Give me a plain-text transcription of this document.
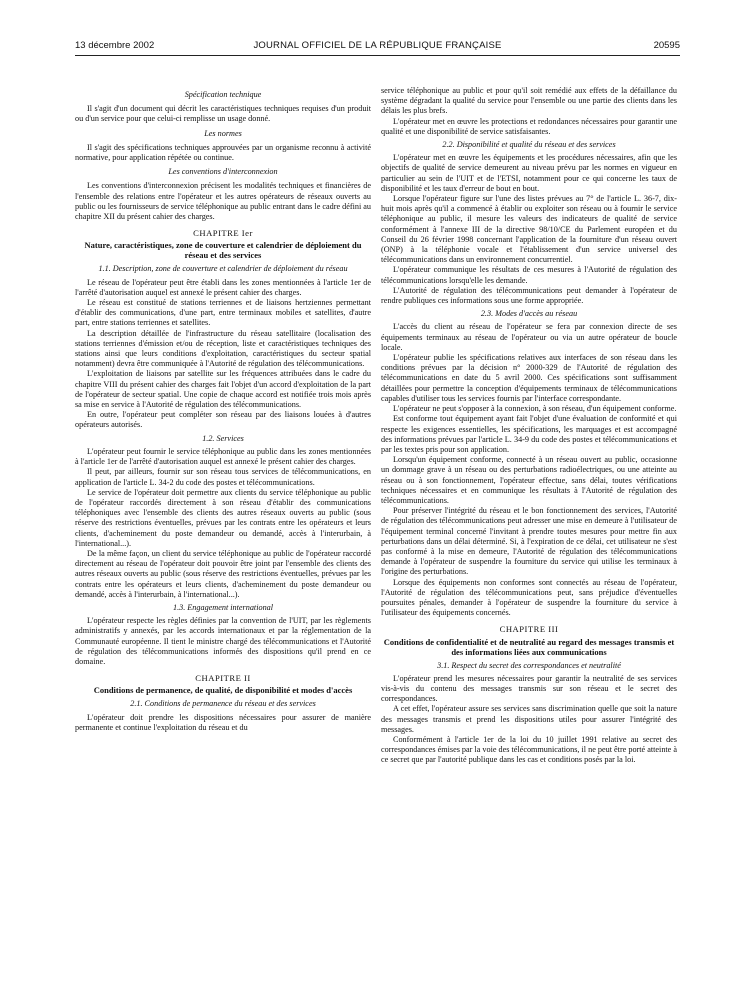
13 décembre 2002	JOURNAL OFFICIEL DE LA RÉPUBLIQUE FRANÇAISE	20595
Spécification technique

Il s'agit d'un document qui décrit les caractéristiques techniques requises d'un produit ou d'un service pour que celui-ci remplisse un usage donné.

Les normes

Il s'agit des spécifications techniques approuvées par un organisme reconnu à activité normative, pour application répétée ou continue.

Les conventions d'interconnexion

Les conventions d'interconnexion précisent les modalités techniques et financières de l'ensemble des relations entre l'opérateur et les autres opérateurs de réseaux ouverts au public ou les fournisseurs de service téléphonique au public entrant dans le cadre défini au chapitre XII du présent cahier des charges.

CHAPITRE Ier
Nature, caractéristiques, zone de couverture et calendrier de déploiement du réseau et des services
1.1. Description, zone de couverture et calendrier de déploiement du réseau

Le réseau de l'opérateur peut être établi dans les zones mentionnées à l'article 1er de l'arrêté d'autorisation auquel est annexé le présent cahier des charges.

Le réseau est constitué de stations terriennes et de liaisons hertziennes permettant d'établir des communications, d'une part, entre terminaux mobiles et satellites, d'autre part, entre stations terriennes et satellites.

La description détaillée de l'infrastructure du réseau satellitaire (localisation des stations terriennes d'émission et/ou de réception, liste et caractéristiques techniques des stations ainsi que leurs conditions d'exploitation, caractéristiques du secteur spatial notamment) devra être communiquée à l'Autorité de régulation des télécommunications.

L'exploitation de liaisons par satellite sur les fréquences attribuées dans le cadre du chapitre VIII du présent cahier des charges fait l'objet d'un accord d'exploitation de la part de l'opérateur de secteur spatial. Une copie de chaque accord est notifiée trois mois après sa mise en service à l'Autorité de régulation des télécommunications.

En outre, l'opérateur peut compléter son réseau par des liaisons louées à d'autres opérateurs autorisés.

1.2. Services

L'opérateur peut fournir le service téléphonique au public dans les zones mentionnées à l'article 1er de l'arrêté d'autorisation auquel est annexé le présent cahier des charges.

Il peut, par ailleurs, fournir sur son réseau tous services de télécommunications, en application de l'article L. 34-2 du code des postes et télécommunications.

Le service de l'opérateur doit permettre aux clients du service téléphonique au public de l'opérateur raccordés directement à son réseau d'établir des communications téléphoniques avec l'ensemble des clients des autres réseaux ouverts au public (sous réserve des restrictions éventuelles, prévues par les contrats entre les opérateurs et leurs clients, d'acheminement du poste demandeur ou demandé, accès à l'interurbain, à l'international...).

De la même façon, un client du service téléphonique au public de l'opérateur raccordé directement au réseau de l'opérateur doit pouvoir être joint par l'ensemble des clients des autres réseaux ouverts au public (sous réserve des restrictions éventuelles, prévues par les contrats entre les opérateurs et leurs clients, d'acheminement du poste demandeur ou demandé, accès à l'interurbain, à l'international...).

1.3. Engagement international

L'opérateur respecte les règles définies par la convention de l'UIT, par les règlements administratifs y annexés, par les accords internationaux et par la réglementation de la Communauté européenne. Il tient le ministre chargé des télécommunications et l'Autorité de régulation des télécommunications informés des dispositions qu'il prend en ce domaine.

CHAPITRE II
Conditions de permanence, de qualité, de disponibilité et modes d'accès
2.1. Conditions de permanence du réseau et des services

L'opérateur doit prendre les dispositions nécessaires pour assurer de manière permanente et continue l'exploitation du réseau et du

service téléphonique au public et pour qu'il soit remédié aux effets de la défaillance du système dégradant la qualité du service pour l'ensemble ou une partie des clients dans les délais les plus brefs.

L'opérateur met en œuvre les protections et redondances nécessaires pour garantir une qualité et une disponibilité de service satisfaisantes.

2.2. Disponibilité et qualité du réseau et des services

L'opérateur met en œuvre les équipements et les procédures nécessaires, afin que les objectifs de qualité de service demeurent au niveau prévu par les normes en vigueur en particulier au sein de l'UIT et de l'ETSI, notamment pour ce qui concerne les taux de disponibilité et les taux d'erreur de bout en bout.

Lorsque l'opérateur figure sur l'une des listes prévues au 7° de l'article L. 36-7, dix-huit mois après qu'il a commencé à établir ou exploiter son réseau ou à fournir le service téléphonique au public, il mesure les valeurs des indicateurs de qualité de service conformément à l'annexe III de la directive 98/10/CE du Parlement européen et du Conseil du 26 février 1998 concernant l'application de la fourniture d'un réseau ouvert (ONP) à la téléphonie vocale et l'établissement d'un service universel des télécommunications dans un environnement concurrentiel.

L'opérateur communique les résultats de ces mesures à l'Autorité de régulation des télécommunications lorsqu'elle les demande.

L'Autorité de régulation des télécommunications peut demander à l'opérateur de rendre publiques ces informations sous une forme appropriée.

2.3. Modes d'accès au réseau

L'accès du client au réseau de l'opérateur se fera par connexion directe de ses équipements terminaux au réseau de l'opérateur ou via un autre opérateur de boucle locale.

L'opérateur publie les spécifications relatives aux interfaces de son réseau dans les conditions prévues par la décision n° 2000-329 de l'Autorité de régulation des télécommunications en date du 5 avril 2000. Ces spécifications sont suffisamment détaillées pour permettre la conception d'équipements terminaux de télécommunications capables d'utiliser tous les services fournis par l'interface correspondante.

L'opérateur ne peut s'opposer à la connexion, à son réseau, d'un équipement conforme.

Est conforme tout équipement ayant fait l'objet d'une évaluation de conformité et qui respecte les exigences essentielles, les spécifications, les marquages et est accompagné des informations prévues par l'article L. 34-9 du code des postes et télécommunications et par les textes pris pour son application.

Lorsqu'un équipement conforme, connecté à un réseau ouvert au public, occasionne un dommage grave à un réseau ou des perturbations radioélectriques, ou une atteinte au réseau ou à son fonctionnement, l'opérateur effectue, sans délai, toutes vérifications techniques nécessaires et en communique les résultats à l'Autorité de régulation des télécommunications.

Pour préserver l'intégrité du réseau et le bon fonctionnement des services, l'Autorité de régulation des télécommunications peut adresser une mise en demeure à l'utilisateur de l'équipement terminal concerné l'invitant à prendre toutes mesures pour mettre fin aux perturbations dans un délai déterminé. Si, à l'expiration de ce délai, cet utilisateur ne s'est pas conformé à la mise en demeure, l'Autorité de régulation des télécommunications demande à l'opérateur de suspendre la fourniture du service qui utilise les terminaux à l'origine des perturbations.

Lorsque des équipements non conformes sont connectés au réseau de l'opérateur, l'Autorité de régulation des télécommunications peut, sans préjudice d'éventuelles poursuites pénales, demander à l'opérateur de suspendre la fourniture du service à l'utilisateur des équipements concernés.

CHAPITRE III
Conditions de confidentialité et de neutralité au regard des messages transmis et des informations liées aux communications
3.1. Respect du secret des correspondances et neutralité

L'opérateur prend les mesures nécessaires pour garantir la neutralité de ses services vis-à-vis du contenu des messages transmis sur son réseau et le secret des correspondances.

A cet effet, l'opérateur assure ses services sans discrimination quelle que soit la nature des messages transmis et prend les dispositions utiles pour assurer l'intégrité des messages.

Conformément à l'article 1er de la loi du 10 juillet 1991 relative au secret des correspondances émises par la voie des télécommunications, il ne peut être porté atteinte à ce secret que par l'autorité publique dans les cas et conditions posés par la loi.
